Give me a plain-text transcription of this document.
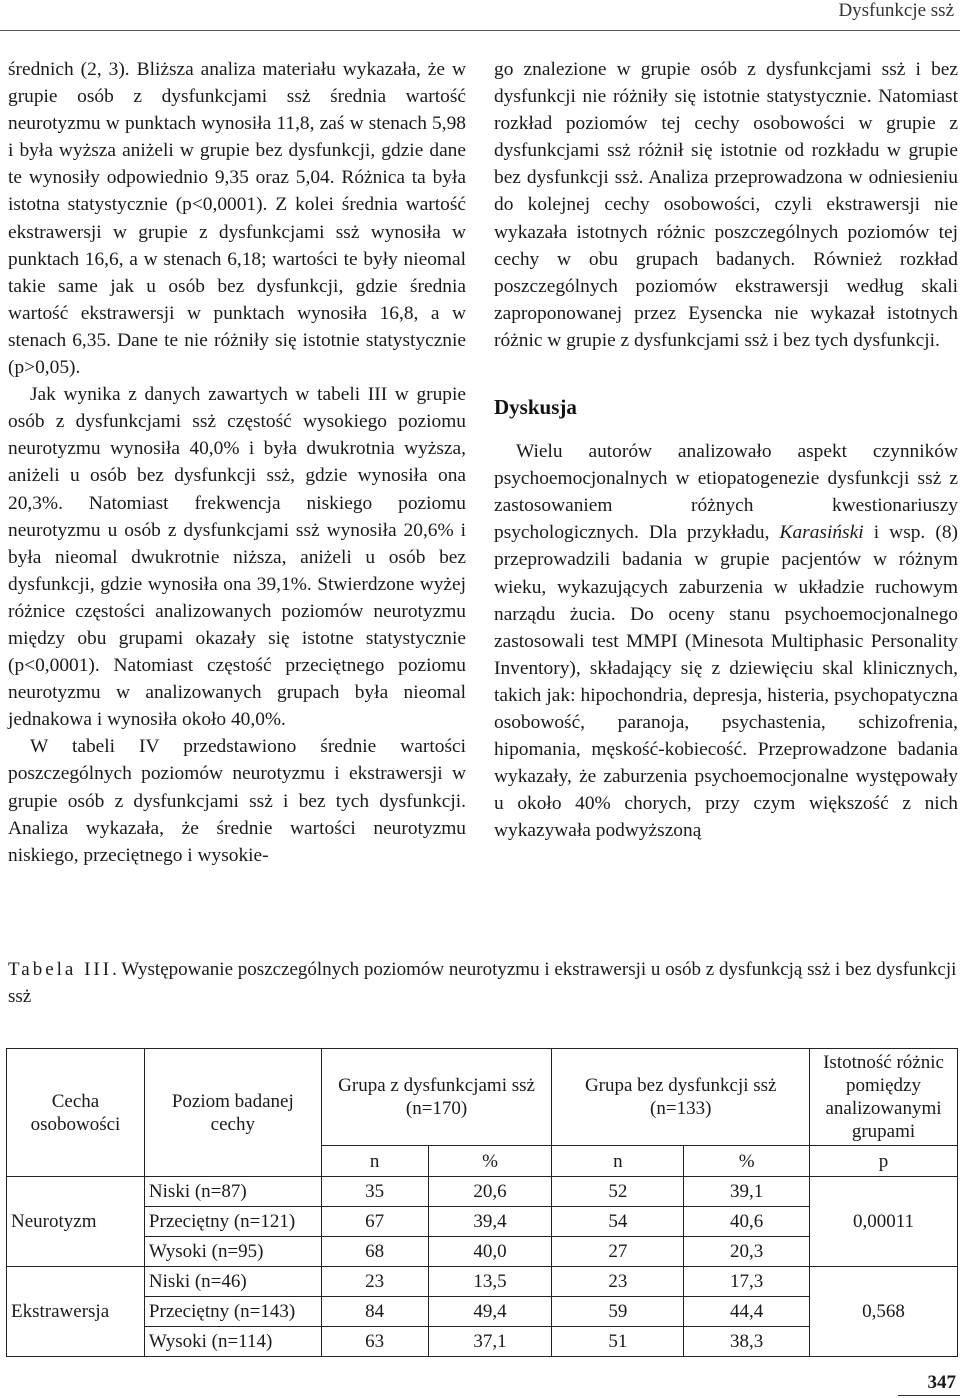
Dysfunkcje ssż

średnich (2, 3). Bliższa analiza materiału wykazała, że w grupie osób z dysfunkcjami ssż średnia wartość neurotyzmu w punktach wynosiła 11,8, zaś w stenach 5,98 i była wyższa aniżeli w grupie bez dysfunkcji, gdzie dane te wynosiły odpowiednio 9,35 oraz 5,04. Różnica ta była istotna statystycznie (p<0,0001). Z kolei średnia wartość ekstrawersji w grupie z dysfunkcjami ssż wynosiła w punktach 16,6, a w stenach 6,18; wartości te były nieomal takie same jak u osób bez dysfunkcji, gdzie średnia wartość ekstrawersji w punktach wynosiła 16,8, a w stenach 6,35. Dane te nie różniły się istotnie statystycznie (p>0,05).

Jak wynika z danych zawartych w tabeli III w grupie osób z dysfunkcjami ssż częstość wysokiego poziomu neurotyzmu wynosiła 40,0% i była dwukrotnia wyższa, aniżeli u osób bez dysfunkcji ssż, gdzie wynosiła ona 20,3%. Natomiast frekwencja niskiego poziomu neurotyzmu u osób z dysfunkcjami ssż wynosiła 20,6% i była nieomal dwukrotnie niższa, aniżeli u osób bez dysfunkcji, gdzie wynosiła ona 39,1%. Stwierdzone wyżej różnice częstości analizowanych poziomów neurotyzmu między obu grupami okazały się istotne statystycznie (p<0,0001). Natomiast częstość przeciętnego poziomu neurotyzmu w analizowanych grupach była nieomal jednakowa i wynosiła około 40,0%.

W tabeli IV przedstawiono średnie wartości poszczególnych poziomów neurotyzmu i ekstrawersji w grupie osób z dysfunkcjami ssż i bez tych dysfunkcji. Analiza wykazała, że średnie wartości neurotyzmu niskiego, przeciętnego i wysokie-

go znalezione w grupie osób z dysfunkcjami ssż i bez dysfunkcji nie różniły się istotnie statystycznie. Natomiast rozkład poziomów tej cechy osobowości w grupie z dysfunkcjami ssż różnił się istotnie od rozkładu w grupie bez dysfunkcji ssż. Analiza przeprowadzona w odniesieniu do kolejnej cechy osobowości, czyli ekstrawersji nie wykazała istotnych różnic poszczególnych poziomów tej cechy w obu grupach badanych. Również rozkład poszczególnych poziomów ekstrawersji według skali zaproponowanej przez Eysencka nie wykazał istotnych różnic w grupie z dysfunkcjami ssż i bez tych dysfunkcji.

Dyskusja

Wielu autorów analizowało aspekt czynników psychoemocjonalnych w etiopatogenezie dysfunkcji ssż z zastosowaniem różnych kwestionariuszy psychologicznych. Dla przykładu, Karasiński i wsp. (8) przeprowadzili badania w grupie pacjentów w różnym wieku, wykazujących zaburzenia w układzie ruchowym narządu żucia. Do oceny stanu psychoemocjonalnego zastosowali test MMPI (Minesota Multiphasic Personality Inventory), składający się z dziewięciu skal klinicznych, takich jak: hipochondria, depresja, histeria, psychopatyczna osobowość, paranoja, psychastenia, schizofrenia, hipomania, męskość-kobiecość. Przeprowadzone badania wykazały, że zaburzenia psychoemocjonalne występowały u około 40% chorych, przy czym większość z nich wykazywała podwyższoną

Tabela III. Występowanie poszczególnych poziomów neurotyzmu i ekstrawersji u osób z dysfunkcją ssż i bez dysfunkcji ssż
Cecha osobowości	Poziom badanej cechy	Grupa z dysfunkcjami ssż (n=170)		Grupa bez dysfunkcji ssż (n=133)		Istotność różnic pomiędzy analizowanymi grupami
		n	%	n	%	p
Neurotyzm	Niski (n=87)	35	20,6	52	39,1	0,00011
	Przeciętny (n=121)	67	39,4	54	40,6	
	Wysoki (n=95)	68	40,0	27	20,3	
Ekstrawersja	Niski (n=46)	23	13,5	23	17,3	0,568
	Przeciętny (n=143)	84	49,4	59	44,4	
	Wysoki (n=114)	63	37,1	51	38,3	
347
